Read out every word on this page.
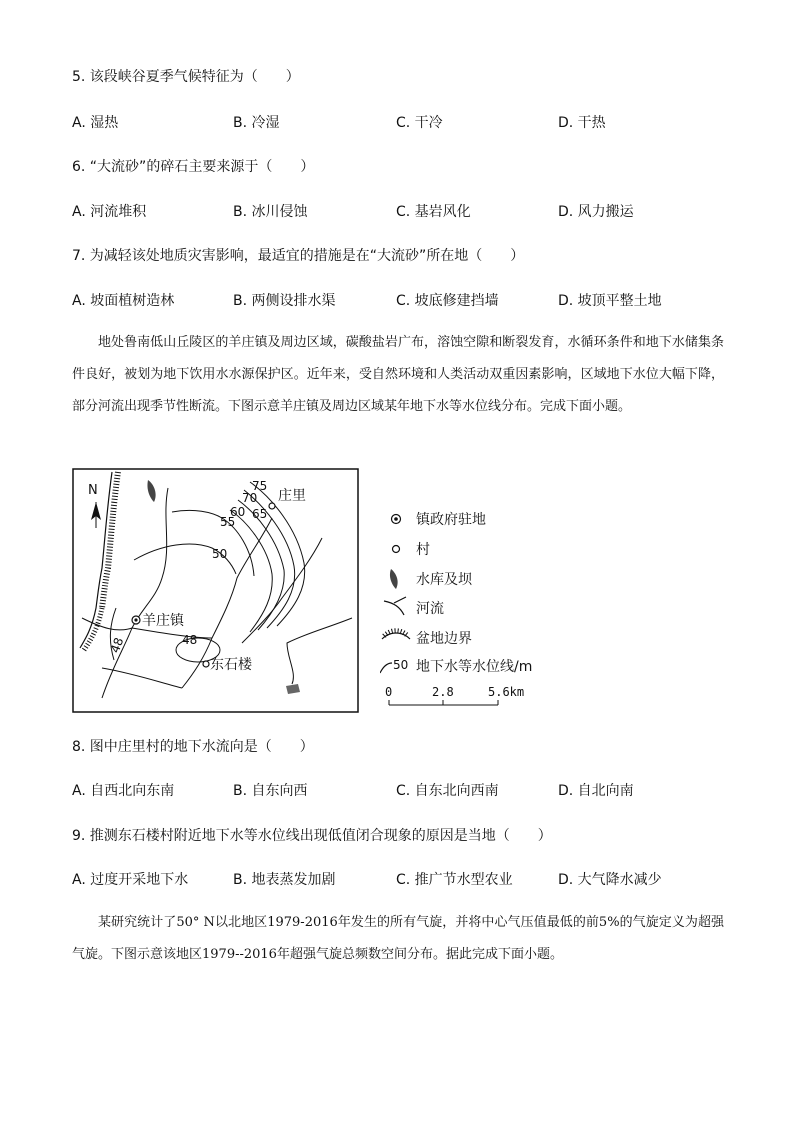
5. 该段峡谷夏季气候特征为（　　）
A. 湿热	B. 冷湿	C. 干冷	D. 干热
6. “大流砂”的碎石主要来源于（　　）
A. 河流堆积	B. 冰川侵蚀	C. 基岩风化	D. 风力搬运
7. 为减轻该处地质灾害影响，最适宜的措施是在“大流砂”所在地（　　）
A. 坡面植树造林	B. 两侧设排水渠	C. 坡底修建挡墙	D. 坡顶平整土地
地处鲁南低山丘陵区的羊庄镇及周边区域，碳酸盐岩广布，溶蚀空隙和断裂发育，水循环条件和地下水储集条件良好，被划为地下饮用水水源保护区。近年来，受自然环境和人类活动双重因素影响，区域地下水位大幅下降，部分河流出现季节性断流。下图示意羊庄镇及周边区域某年地下水等水位线分布。完成下面小题。
N	75
70
65
60
55
50
48
48
庄里
羊庄镇
东石楼
镇政府驻地
村
水库及坝
河流
盆地边界
50 地下水等水位线/m
0	2.8	5.6km
8. 图中庄里村的地下水流向是（　　）
A. 自西北向东南	B. 自东向西	C. 自东北向西南	D. 自北向南
9. 推测东石楼村附近地下水等水位线出现低值闭合现象的原因是当地（　　）
A. 过度开采地下水	B. 地表蒸发加剧	C. 推广节水型农业	D. 大气降水减少
某研究统计了50° N以北地区1979-2016年发生的所有气旋，并将中心气压值最低的前5%的气旋定义为超强气旋。下图示意该地区1979--2016年超强气旋总频数空间分布。据此完成下面小题。
